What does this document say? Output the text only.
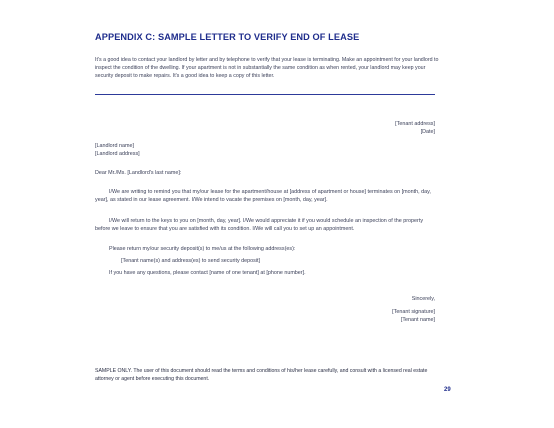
APPENDIX C: SAMPLE LETTER TO VERIFY END OF LEASE
It's a good idea to contact your landlord by letter and by telephone to verify that your lease is terminating. Make an appointment for your landlord to inspect the condition of the dwelling. If your apartment is not in substantially the same condition as when rented, your landlord may keep your security deposit to make repairs. It's a good idea to keep a copy of this letter.
[Tenant address]
[Date]
[Landlord name]
[Landlord address]
Dear Mr./Ms. [Landlord's last name]:
I/We are writing to remind you that my/our lease for the apartment/house at [address of apartment or house] terminates on [month, day, year], as stated in our lease agreement. I/We intend to vacate the premises on [month, day, year].
I/We will return to the keys to you on [month, day, year]. I/We would appreciate it if you would schedule an inspection of the property before we leave to ensure that you are satisfied with its condition. I/We will call you to set up an appointment.
Please return my/our security deposit(s) to me/us at the following address(es):
[Tenant name(s) and address(es) to send security deposit]
If you have any questions, please contact [name of one tenant] at [phone number].
Sincerely,
[Tenant signature]
[Tenant name]
SAMPLE ONLY. The user of this document should read the terms and conditions of his/her lease carefully, and consult with a licensed real estate attorney or agent before executing this document.
29
